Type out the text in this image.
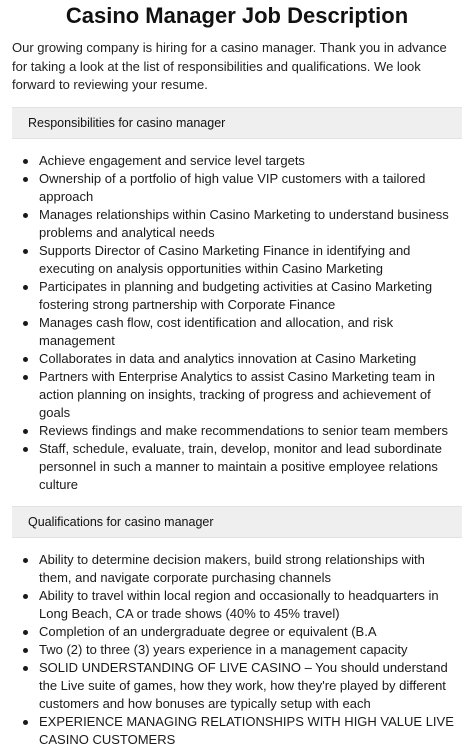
Casino Manager Job Description

Our growing company is hiring for a casino manager. Thank you in advance for taking a look at the list of responsibilities and qualifications. We look forward to reviewing your resume.

Responsibilities for casino manager
Achieve engagement and service level targets
Ownership of a portfolio of high value VIP customers with a tailored approach
Manages relationships within Casino Marketing to understand business problems and analytical needs
Supports Director of Casino Marketing Finance in identifying and executing on analysis opportunities within Casino Marketing
Participates in planning and budgeting activities at Casino Marketing fostering strong partnership with Corporate Finance
Manages cash flow, cost identification and allocation, and risk management
Collaborates in data and analytics innovation at Casino Marketing
Partners with Enterprise Analytics to assist Casino Marketing team in action planning on insights, tracking of progress and achievement of goals
Reviews findings and make recommendations to senior team members
Staff, schedule, evaluate, train, develop, monitor and lead subordinate personnel in such a manner to maintain a positive employee relations culture
Qualifications for casino manager
Ability to determine decision makers, build strong relationships with them, and navigate corporate purchasing channels
Ability to travel within local region and occasionally to headquarters in Long Beach, CA or trade shows (40% to 45% travel)
Completion of an undergraduate degree or equivalent (B.A
Two (2) to three (3) years experience in a management capacity
SOLID UNDERSTANDING OF LIVE CASINO – You should understand the Live suite of games, how they work, how they're played by different customers and how bonuses are typically setup with each
EXPERIENCE MANAGING RELATIONSHIPS WITH HIGH VALUE LIVE CASINO CUSTOMERS
